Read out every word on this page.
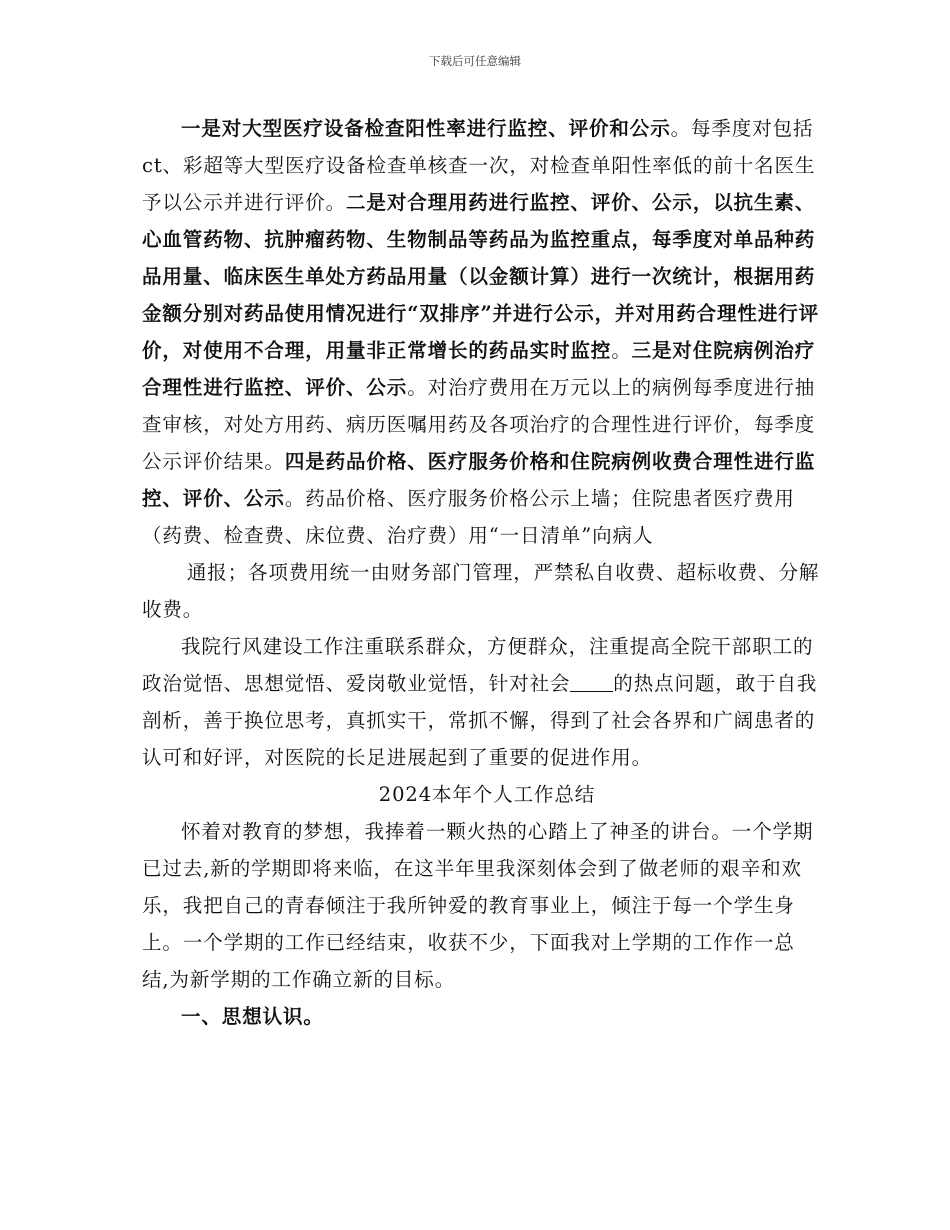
下载后可任意编辑

一是对大型医疗设备检查阳性率进行监控、评价和公示。每季度对包括ct、彩超等大型医疗设备检查单核查一次，对检查单阳性率低的前十名医生予以公示并进行评价。二是对合理用药进行监控、评价、公示，以抗生素、心血管药物、抗肿瘤药物、生物制品等药品为监控重点，每季度对单品种药品用量、临床医生单处方药品用量（以金额计算）进行一次统计，根据用药金额分别对药品使用情况进行“双排序”并进行公示，并对用药合理性进行评价，对使用不合理，用量非正常增长的药品实时监控。三是对住院病例治疗合理性进行监控、评价、公示。对治疗费用在万元以上的病例每季度进行抽查审核，对处方用药、病历医嘱用药及各项治疗的合理性进行评价，每季度公示评价结果。四是药品价格、医疗服务价格和住院病例收费合理性进行监控、评价、公示。药品价格、医疗服务价格公示上墙；住院患者医疗费用（药费、检查费、床位费、治疗费）用“一日清单”向病人
通报；各项费用统一由财务部门管理，严禁私自收费、超标收费、分解收费。

我院行风建设工作注重联系群众，方便群众，注重提高全院干部职工的政治觉悟、思想觉悟、爱岗敬业觉悟，针对社会 的热点问题，敢于自我剖析，善于换位思考，真抓实干，常抓不懈，得到了社会各界和广阔患者的认可和好评，对医院的长足进展起到了重要的促进作用。

2024本年个人工作总结

怀着对教育的梦想，我捧着一颗火热的心踏上了神圣的讲台。一个学期已过去,新的学期即将来临，在这半年里我深刻体会到了做老师的艰辛和欢乐，我把自己的青春倾注于我所钟爱的教育事业上，倾注于每一个学生身上。一个学期的工作已经结束，收获不少，下面我对上学期的工作作一总结,为新学期的工作确立新的目标。

一、思想认识。
